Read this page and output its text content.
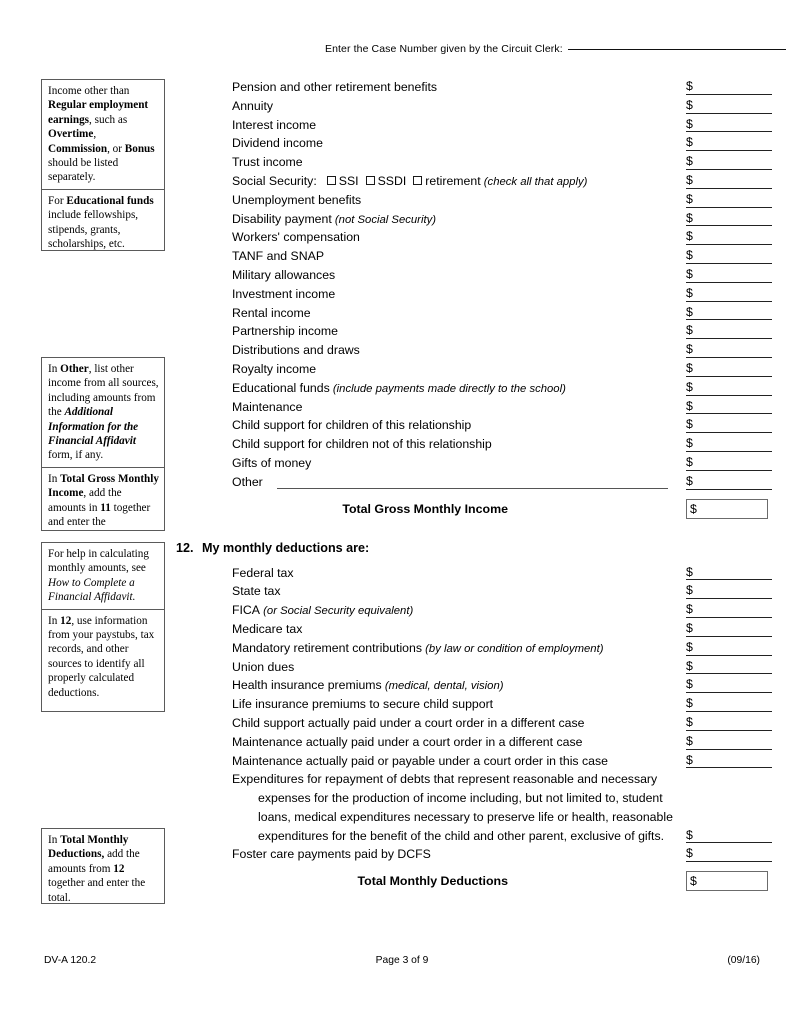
Enter the Case Number given by the Circuit Clerk:
Income other than Regular employment earnings, such as Overtime, Commission, or Bonus should be listed separately.
For Educational funds include fellowships, stipends, grants, scholarships, etc.
In Other, list other income from all sources, including amounts from the Additional Information for the Financial Affidavit form, if any.
In Total Gross Monthly Income, add the amounts in 11 together and enter the
For help in calculating monthly amounts, see How to Complete a Financial Affidavit.
In 12, use information from your paystubs, tax records, and other sources to identify all properly calculated deductions.
In Total Monthly Deductions, add the amounts from 12 together and enter the total.
Pension and other retirement benefits	$
Annuity	$
Interest income	$
Dividend income	$
Trust income	$
Social Security: SSI SSDI retirement (check all that apply)	$
Unemployment benefits	$
Disability payment (not Social Security)	$
Workers' compensation	$
TANF and SNAP	$
Military allowances	$
Investment income	$
Rental income	$
Partnership income	$
Distributions and draws	$
Royalty income	$
Educational funds (include payments made directly to the school)	$
Maintenance	$
Child support for children of this relationship	$
Child support for children not of this relationship	$
Gifts of money	$
Other	$
Total Gross Monthly Income	$
12. My monthly deductions are:
Federal tax	$
State tax	$
FICA (or Social Security equivalent)	$
Medicare tax	$
Mandatory retirement contributions (by law or condition of employment)	$
Union dues	$
Health insurance premiums (medical, dental, vision)	$
Life insurance premiums to secure child support	$
Child support actually paid under a court order in a different case	$
Maintenance actually paid under a court order in a different case	$
Maintenance actually paid or payable under a court order in this case	$
Expenditures for repayment of debts that represent reasonable and necessary
expenses for the production of income including, but not limited to, student
loans, medical expenditures necessary to preserve life or health, reasonable
expenditures for the benefit of the child and other parent, exclusive of gifts. $
Foster care payments paid by DCFS	$
Total Monthly Deductions	$
DV-A 120.2	Page 3 of 9	(09/16)
